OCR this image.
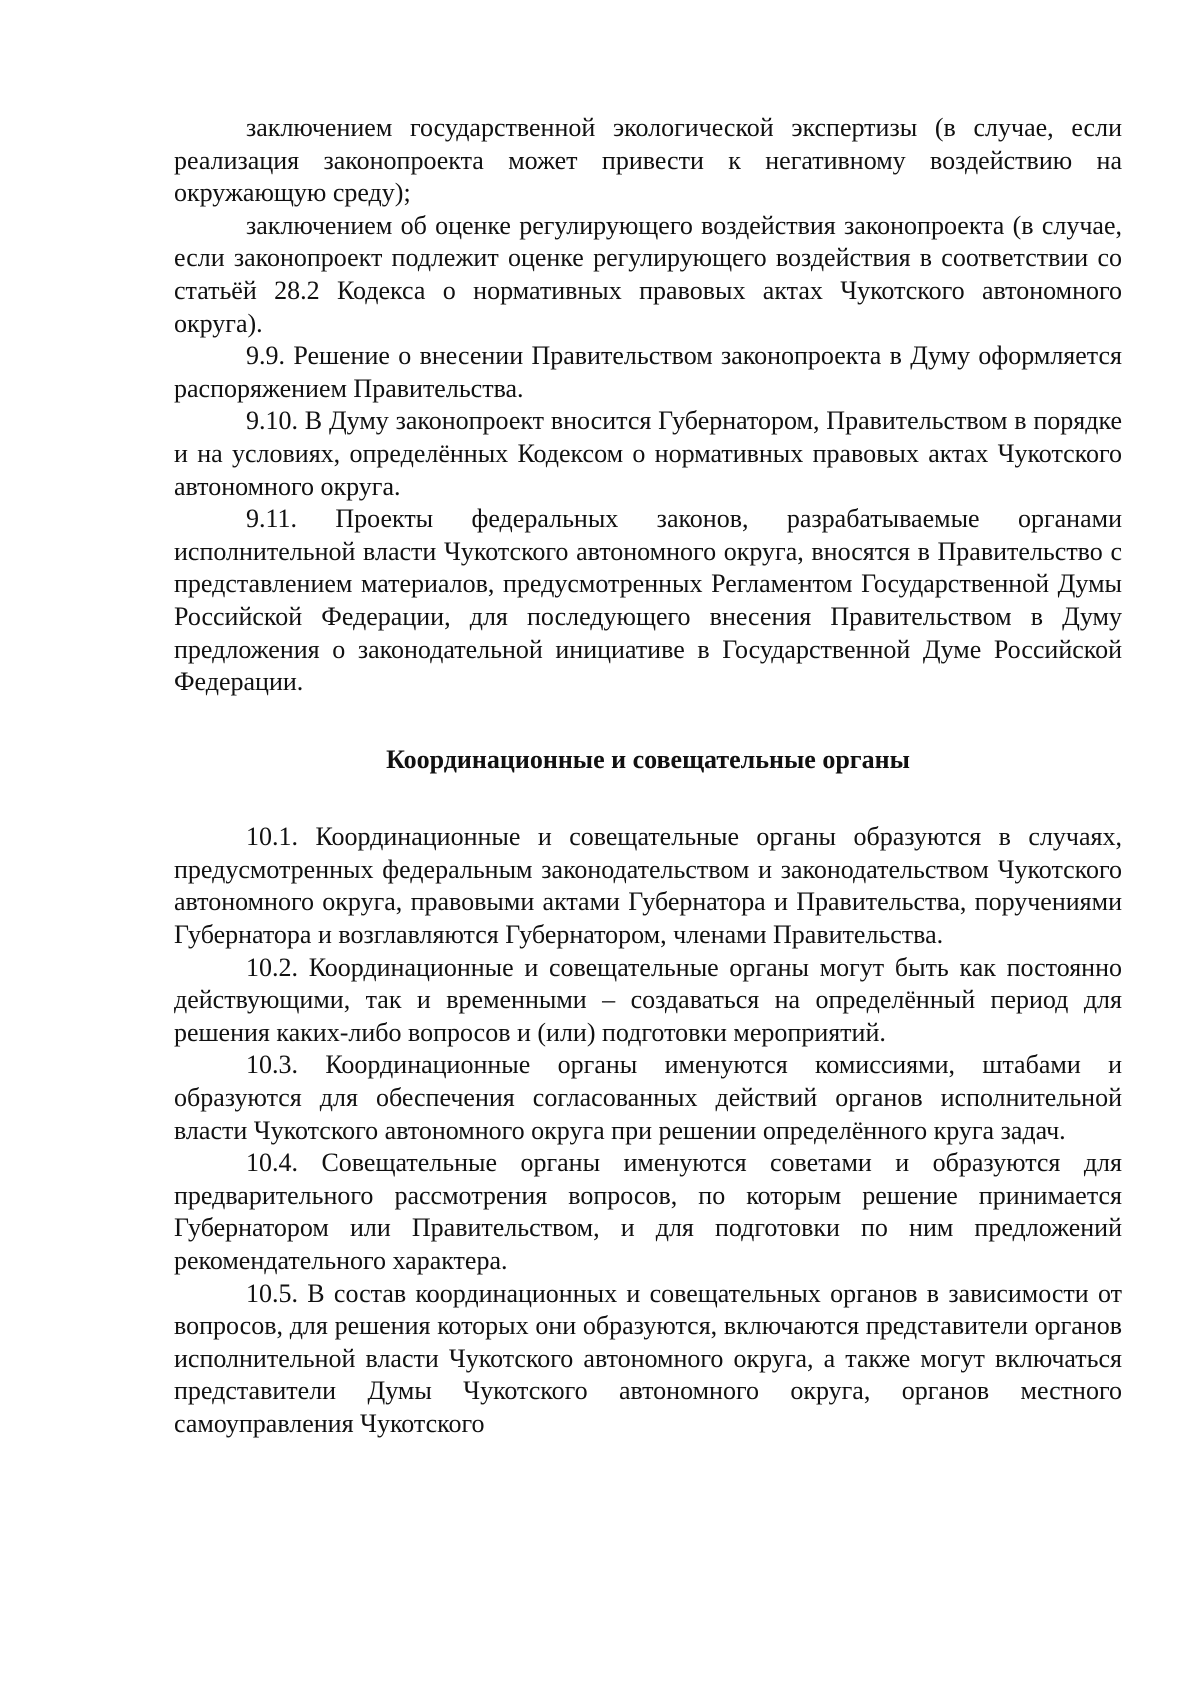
заключением государственной экологической экспертизы (в случае, если реализация законопроекта может привести к негативному воздействию на окружающую среду);

заключением об оценке регулирующего воздействия законопроекта (в случае, если законопроект подлежит оценке регулирующего воздействия в соответствии со статьёй 28.2 Кодекса о нормативных правовых актах Чукотского автономного округа).

9.9. Решение о внесении Правительством законопроекта в Думу оформляется распоряжением Правительства.

9.10. В Думу законопроект вносится Губернатором, Правительством в порядке и на условиях, определённых Кодексом о нормативных правовых актах Чукотского автономного округа.

9.11. Проекты федеральных законов, разрабатываемые органами исполнительной власти Чукотского автономного округа, вносятся в Правительство с представлением материалов, предусмотренных Регламентом Государственной Думы Российской Федерации, для последующего внесения Правительством в Думу предложения о законодательной инициативе в Государственной Думе Российской Федерации.

Координационные и совещательные органы

10.1. Координационные и совещательные органы образуются в случаях, предусмотренных федеральным законодательством и законодательством Чукотского автономного округа, правовыми актами Губернатора и Правительства, поручениями Губернатора и возглавляются Губернатором, членами Правительства.

10.2. Координационные и совещательные органы могут быть как постоянно действующими, так и временными – создаваться на определённый период для решения каких-либо вопросов и (или) подготовки мероприятий.

10.3. Координационные органы именуются комиссиями, штабами и образуются для обеспечения согласованных действий органов исполнительной власти Чукотского автономного округа при решении определённого круга задач.

10.4. Совещательные органы именуются советами и образуются для предварительного рассмотрения вопросов, по которым решение принимается Губернатором или Правительством, и для подготовки по ним предложений рекомендательного характера.

10.5. В состав координационных и совещательных органов в зависимости от вопросов, для решения которых они образуются, включаются представители органов исполнительной власти Чукотского автономного округа, а также могут включаться представители Думы Чукотского автономного округа, органов местного самоуправления Чукотского
